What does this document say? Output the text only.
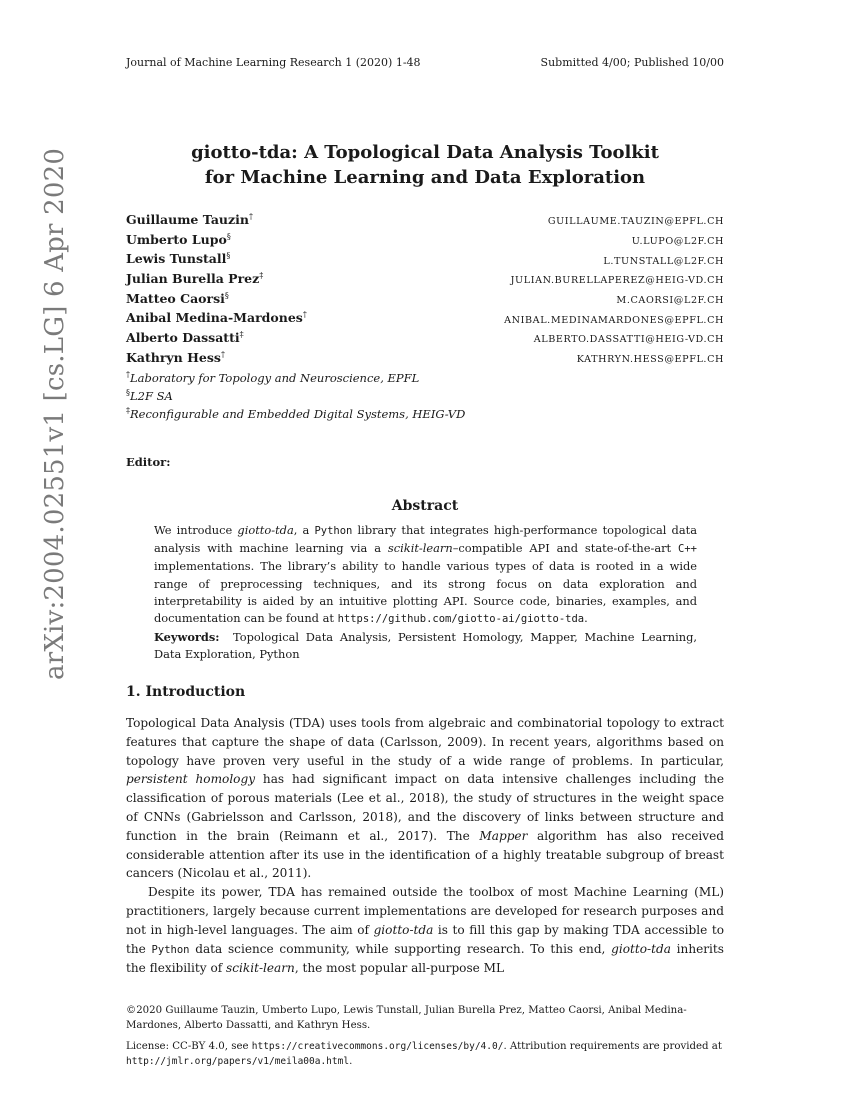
Journal of Machine Learning Research 1 (2020) 1-48	Submitted 4/00; Published 10/00
arXiv:2004.02551v1 [cs.LG] 6 Apr 2020	giotto-tda: A Topological Data Analysis Toolkit
for Machine Learning and Data Exploration
Guillaume Tauzin†	GUILLAUME.TAUZIN@EPFL.CH
Umberto Lupo§	U.LUPO@L2F.CH
Lewis Tunstall§	L.TUNSTALL@L2F.CH
Julian Burella Prez‡	JULIAN.BURELLAPEREZ@HEIG-VD.CH
Matteo Caorsi§	M.CAORSI@L2F.CH
Anibal Medina-Mardones†	ANIBAL.MEDINAMARDONES@EPFL.CH
Alberto Dassatti‡	ALBERTO.DASSATTI@HEIG-VD.CH
Kathryn Hess†	KATHRYN.HESS@EPFL.CH
†Laboratory for Topology and Neuroscience, EPFL
§L2F SA
‡Reconfigurable and Embedded Digital Systems, HEIG-VD
Editor:
Abstract

We introduce giotto-tda, a Python library that integrates high-performance topological data analysis with machine learning via a scikit-learn–compatible API and state-of-the-art C++ implementations. The library’s ability to handle various types of data is rooted in a wide range of preprocessing techniques, and its strong focus on data exploration and interpretability is aided by an intuitive plotting API. Source code, binaries, examples, and documentation can be found at https://github.com/giotto-ai/giotto-tda.

Keywords: Topological Data Analysis, Persistent Homology, Mapper, Machine Learning, Data Exploration, Python

1. Introduction

Topological Data Analysis (TDA) uses tools from algebraic and combinatorial topology to extract features that capture the shape of data (Carlsson, 2009). In recent years, algorithms based on topology have proven very useful in the study of a wide range of problems. In particular, persistent homology has had significant impact on data intensive challenges including the classification of porous materials (Lee et al., 2018), the study of structures in the weight space of CNNs (Gabrielsson and Carlsson, 2018), and the discovery of links between structure and function in the brain (Reimann et al., 2017). The Mapper algorithm has also received considerable attention after its use in the identification of a highly treatable subgroup of breast cancers (Nicolau et al., 2011).

Despite its power, TDA has remained outside the toolbox of most Machine Learning (ML) practitioners, largely because current implementations are developed for research purposes and not in high-level languages. The aim of giotto-tda is to fill this gap by making TDA accessible to the Python data science community, while supporting research. To this end, giotto-tda inherits the flexibility of scikit-learn, the most popular all-purpose ML

©2020 Guillaume Tauzin, Umberto Lupo, Lewis Tunstall, Julian Burella Prez, Matteo Caorsi, Anibal Medina-Mardones, Alberto Dassatti, and Kathryn Hess.
License: CC-BY 4.0, see https://creativecommons.org/licenses/by/4.0/. Attribution requirements are provided at http://jmlr.org/papers/v1/meila00a.html.
